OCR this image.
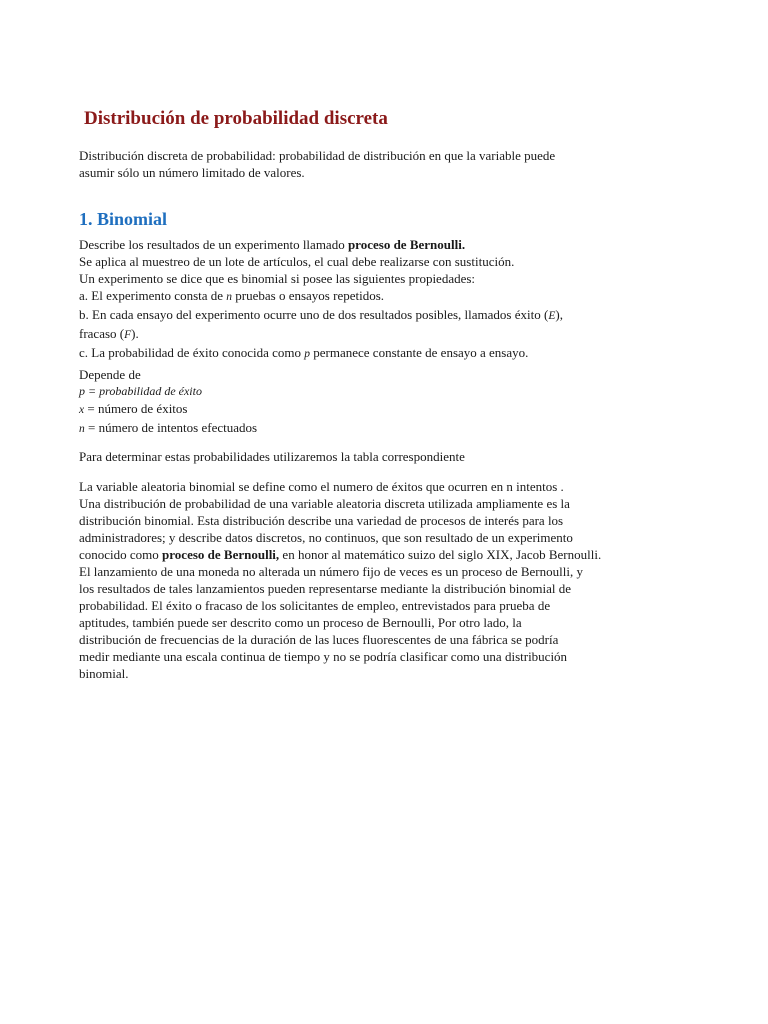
Distribución de probabilidad discreta
Distribución discreta de probabilidad: probabilidad de distribución en que la variable puede
asumir sólo un número limitado de valores.
1. Binomial
Describe los resultados de un experimento llamado proceso de Bernoulli.
Se aplica al muestreo de un lote de artículos, el cual debe realizarse con sustitución.
Un experimento se dice que es binomial si posee las siguientes propiedades:
a. El experimento consta de n pruebas o ensayos repetidos.
b. En cada ensayo del experimento ocurre uno de dos resultados posibles, llamados éxito (E),
fracaso (F).
c. La probabilidad de éxito conocida como p permanece constante de ensayo a ensayo.
Depende de
p = probabilidad de éxito
x = número de éxitos
n = número de intentos efectuados
Para determinar estas probabilidades utilizaremos la tabla correspondiente
La variable aleatoria binomial se define como el numero de éxitos que ocurren en n intentos .
Una distribución de probabilidad de una variable aleatoria discreta utilizada ampliamente es la
distribución binomial. Esta distribución describe una variedad de procesos de interés para los
administradores; y describe datos discretos, no continuos, que son resultado de un experimento
conocido como proceso de Bernoulli, en honor al matemático suizo del siglo XIX, Jacob Bernoulli.
El lanzamiento de una moneda no alterada un número fijo de veces es un proceso de Bernoulli, y
los resultados de tales lanzamientos pueden representarse mediante la distribución binomial de
probabilidad. El éxito o fracaso de los solicitantes de empleo, entrevistados para prueba de
aptitudes, también puede ser descrito como un proceso de Bernoulli, Por otro lado, la
distribución de frecuencias de la duración de las luces fluorescentes de una fábrica se podría
medir mediante una escala continua de tiempo y no se podría clasificar como una distribución
binomial.
